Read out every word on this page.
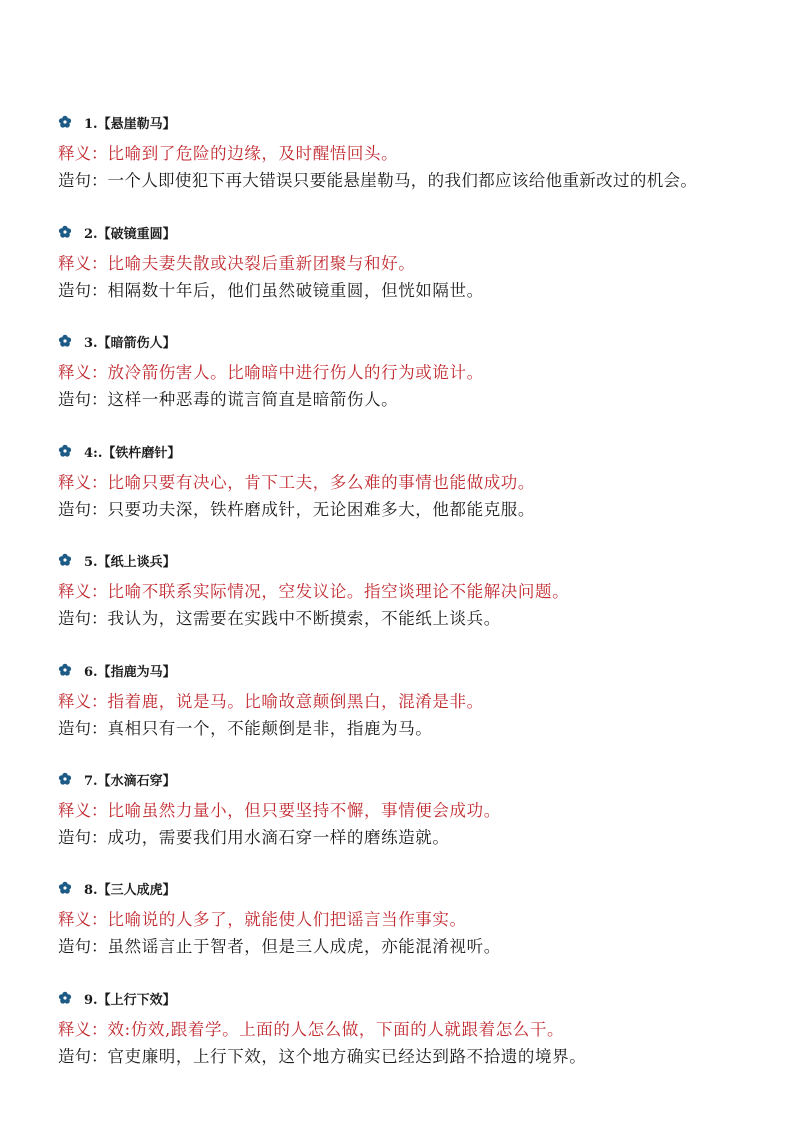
1.【悬崖勒马】
释义：比喻到了危险的边缘，及时醒悟回头。
造句：一个人即使犯下再大错误只要能悬崖勒马，的我们都应该给他重新改过的机会。
2.【破镜重圆】
释义：比喻夫妻失散或决裂后重新团聚与和好。
造句：相隔数十年后，他们虽然破镜重圆，但恍如隔世。
3.【暗箭伤人】
释义：放冷箭伤害人。比喻暗中进行伤人的行为或诡计。
造句：这样一种恶毒的谎言简直是暗箭伤人。
4:.【铁杵磨针】
释义：比喻只要有决心，肯下工夫，多么难的事情也能做成功。
造句：只要功夫深，铁杵磨成针，无论困难多大，他都能克服。
5.【纸上谈兵】
释义：比喻不联系实际情况，空发议论。指空谈理论不能解决问题。
造句：我认为，这需要在实践中不断摸索，不能纸上谈兵。
6.【指鹿为马】
释义：指着鹿，说是马。比喻故意颠倒黑白，混淆是非。
造句：真相只有一个，不能颠倒是非，指鹿为马。
7.【水滴石穿】
释义：比喻虽然力量小，但只要坚持不懈，事情便会成功。
造句：成功，需要我们用水滴石穿一样的磨练造就。
8.【三人成虎】
释义：比喻说的人多了，就能使人们把谣言当作事实。
造句：虽然谣言止于智者，但是三人成虎，亦能混淆视听。
9.【上行下效】
释义：效:仿效,跟着学。上面的人怎么做，下面的人就跟着怎么干。
造句：官吏廉明，上行下效，这个地方确实已经达到路不拾遗的境界。
